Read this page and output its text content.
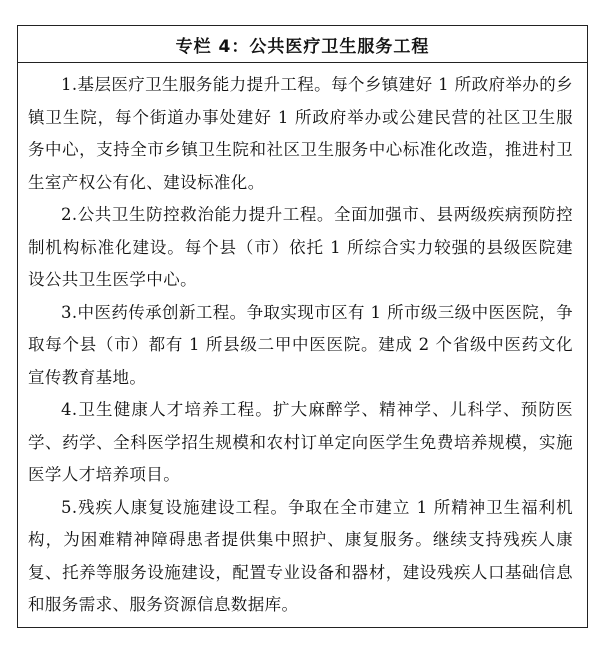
专栏 4：公共医疗卫生服务工程

1.基层医疗卫生服务能力提升工程。每个乡镇建好 1 所政府举办的乡镇卫生院，每个街道办事处建好 1 所政府举办或公建民营的社区卫生服务中心，支持全市乡镇卫生院和社区卫生服务中心标准化改造，推进村卫生室产权公有化、建设标准化。

2.公共卫生防控救治能力提升工程。全面加强市、县两级疾病预防控制机构标准化建设。每个县（市）依托 1 所综合实力较强的县级医院建设公共卫生医学中心。

3.中医药传承创新工程。争取实现市区有 1 所市级三级中医医院，争取每个县（市）都有 1 所县级二甲中医医院。建成 2 个省级中医药文化宣传教育基地。

4.卫生健康人才培养工程。扩大麻醉学、精神学、儿科学、预防医学、药学、全科医学招生规模和农村订单定向医学生免费培养规模，实施医学人才培养项目。

5.残疾人康复设施建设工程。争取在全市建立 1 所精神卫生福利机构，为困难精神障碍患者提供集中照护、康复服务。继续支持残疾人康复、托养等服务设施建设，配置专业设备和器材，建设残疾人口基础信息和服务需求、服务资源信息数据库。
